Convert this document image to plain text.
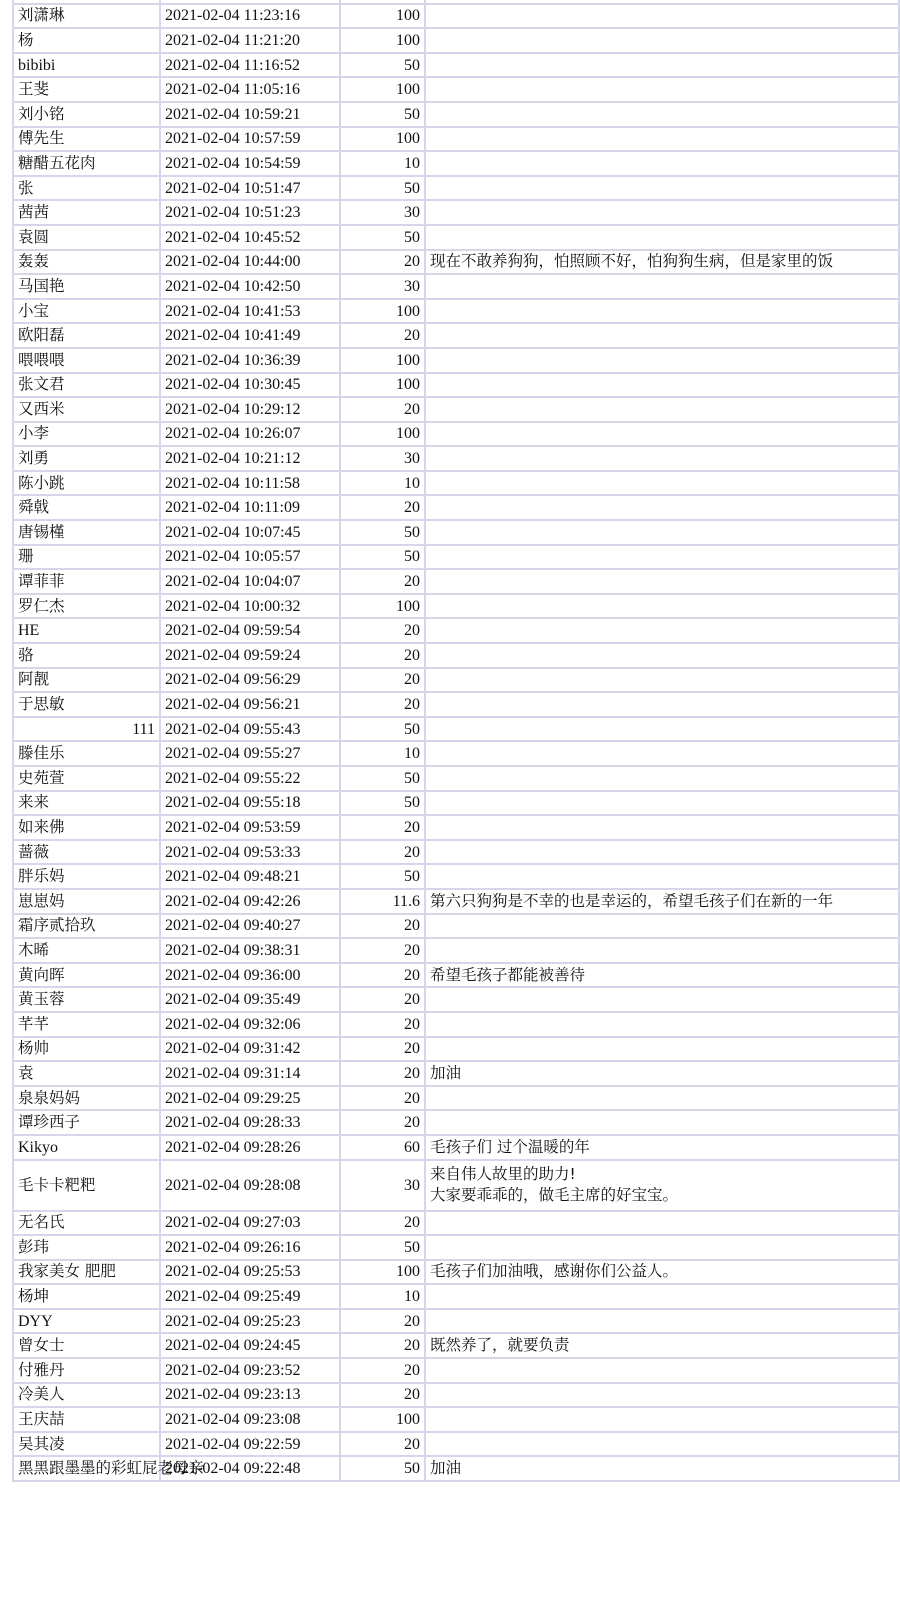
刘潇琳	2021-02-04 11:23:16	100	
杨	2021-02-04 11:21:20	100	
bibibi	2021-02-04 11:16:52	50	
王斐	2021-02-04 11:05:16	100	
刘小铭	2021-02-04 10:59:21	50	
傅先生	2021-02-04 10:57:59	100	
糖醋五花肉	2021-02-04 10:54:59	10	
张	2021-02-04 10:51:47	50	
茜茜	2021-02-04 10:51:23	30	
袁圆	2021-02-04 10:45:52	50	
轰轰	2021-02-04 10:44:00	20	现在不敢养狗狗，怕照顾不好，怕狗狗生病，但是家里的饭
马国艳	2021-02-04 10:42:50	30	
小宝	2021-02-04 10:41:53	100	
欧阳磊	2021-02-04 10:41:49	20	
喂喂喂	2021-02-04 10:36:39	100	
张文君	2021-02-04 10:30:45	100	
又西米	2021-02-04 10:29:12	20	
小李	2021-02-04 10:26:07	100	
刘勇	2021-02-04 10:21:12	30	
陈小跳	2021-02-04 10:11:58	10	
舜戟	2021-02-04 10:11:09	20	
唐锡槿	2021-02-04 10:07:45	50	
珊	2021-02-04 10:05:57	50	
谭菲菲	2021-02-04 10:04:07	20	
罗仁杰	2021-02-04 10:00:32	100	
HE	2021-02-04 09:59:54	20	
骆	2021-02-04 09:59:24	20	
阿靓	2021-02-04 09:56:29	20	
于思敏	2021-02-04 09:56:21	20	
111	2021-02-04 09:55:43	50	
滕佳乐	2021-02-04 09:55:27	10	
史苑萱	2021-02-04 09:55:22	50	
来来	2021-02-04 09:55:18	50	
如来佛	2021-02-04 09:53:59	20	
蔷薇	2021-02-04 09:53:33	20	
胖乐妈	2021-02-04 09:48:21	50	
崽崽妈	2021-02-04 09:42:26	11.6	第六只狗狗是不幸的也是幸运的，希望毛孩子们在新的一年
霜序贰拾玖	2021-02-04 09:40:27	20	
木晞	2021-02-04 09:38:31	20	
黄向晖	2021-02-04 09:36:00	20	希望毛孩子都能被善待
黄玉蓉	2021-02-04 09:35:49	20	
芊芊	2021-02-04 09:32:06	20	
杨帅	2021-02-04 09:31:42	20	
袁	2021-02-04 09:31:14	20	加油
泉泉妈妈	2021-02-04 09:29:25	20	
谭珍西子	2021-02-04 09:28:33	20	
Kikyo	2021-02-04 09:28:26	60	毛孩子们 过个温暖的年
毛卡卡粑粑	2021-02-04 09:28:08	30	来自伟人故里的助力!
大家要乖乖的，做毛主席的好宝宝。
无名氏	2021-02-04 09:27:03	20	
彭玮	2021-02-04 09:26:16	50	
我家美女 肥肥	2021-02-04 09:25:53	100	毛孩子们加油哦，感谢你们公益人。
杨坤	2021-02-04 09:25:49	10	
DYY	2021-02-04 09:25:23	20	
曾女士	2021-02-04 09:24:45	20	既然养了，就要负责
付雅丹	2021-02-04 09:23:52	20	
冷美人	2021-02-04 09:23:13	20	
王庆喆	2021-02-04 09:23:08	100	
吴其凌	2021-02-04 09:22:59	20	
黑黑跟墨墨的彩虹屁老母亲	2021-02-04 09:22:48	50	加油
